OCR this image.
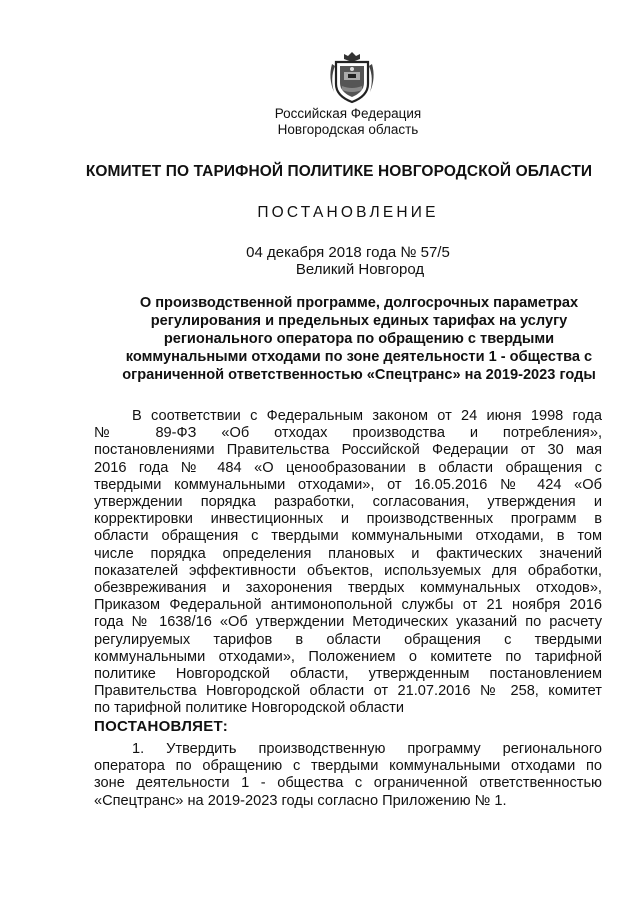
Российская Федерация
Новгородская область
КОМИТЕТ ПО ТАРИФНОЙ ПОЛИТИКЕ НОВГОРОДСКОЙ ОБЛАСТИ
ПОСТАНОВЛЕНИЕ
04 декабря 2018 года № 57/5
Великий Новгород
О производственной программе, долгосрочных параметрах
регулирования и предельных единых тарифах на услугу
регионального оператора по обращению с твердыми
коммунальными отходами по зоне деятельности 1 - общества с
ограниченной ответственностью «Спецтранс» на 2019-2023 годы
В соответствии с Федеральным законом от 24 июня 1998 года
№ 89-ФЗ «Об отходах производства и потребления»,
постановлениями Правительства Российской Федерации от 30 мая
2016 года № 484 «О ценообразовании в области обращения с
твердыми коммунальными отходами», от 16.05.2016 № 424 «Об
утверждении порядка разработки, согласования, утверждения и
корректировки инвестиционных и производственных программ в
области обращения с твердыми коммунальными отходами, в том
числе порядка определения плановых и фактических значений
показателей эффективности объектов, используемых для обработки,
обезвреживания и захоронения твердых коммунальных отходов»,
Приказом Федеральной антимонопольной службы от 21 ноября 2016
года № 1638/16 «Об утверждении Методических указаний по расчету
регулируемых тарифов в области обращения с твердыми
коммунальными отходами», Положением о комитете по тарифной
политике Новгородской области, утвержденным постановлением
Правительства Новгородской области от 21.07.2016 № 258, комитет
по тарифной политике Новгородской области
ПОСТАНОВЛЯЕТ:
1. Утвердить производственную программу регионального
оператора по обращению с твердыми коммунальными отходами по
зоне деятельности 1 - общества с ограниченной ответственностью
«Спецтранс» на 2019-2023 годы согласно Приложению № 1.
